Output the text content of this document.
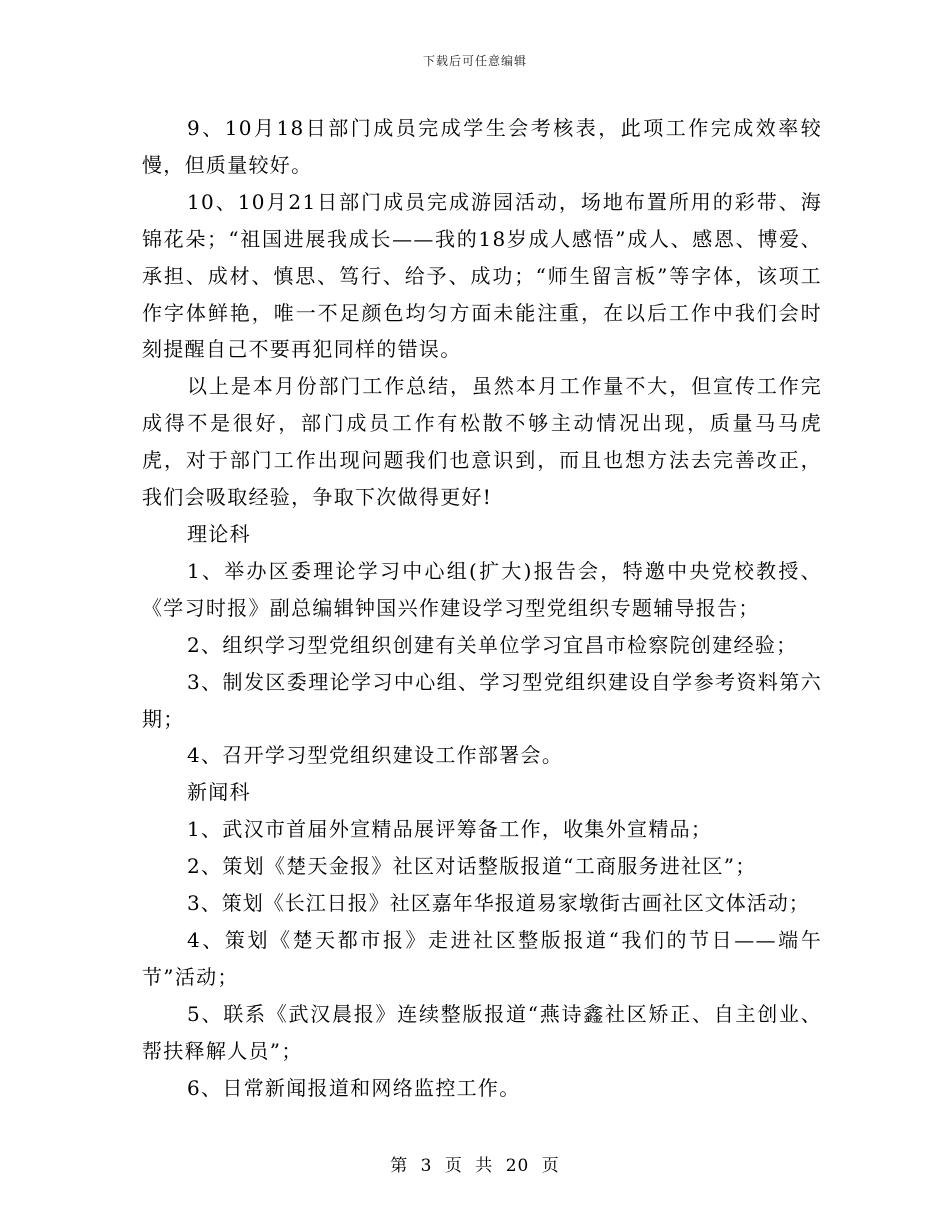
下载后可任意编辑

9、10月18日部门成员完成学生会考核表，此项工作完成效率较慢，但质量较好。

10、10月21日部门成员完成游园活动，场地布置所用的彩带、海锦花朵；“祖国进展我成长——我的18岁成人感悟”成人、感恩、博爱、承担、成材、慎思、笃行、给予、成功；“师生留言板”等字体，该项工作字体鲜艳，唯一不足颜色均匀方面未能注重，在以后工作中我们会时刻提醒自己不要再犯同样的错误。

以上是本月份部门工作总结，虽然本月工作量不大，但宣传工作完成得不是很好，部门成员工作有松散不够主动情况出现，质量马马虎虎，对于部门工作出现问题我们也意识到，而且也想方法去完善改正，我们会吸取经验，争取下次做得更好!

理论科

1、举办区委理论学习中心组(扩大)报告会，特邀中央党校教授、《学习时报》副总编辑钟国兴作建设学习型党组织专题辅导报告；

2、组织学习型党组织创建有关单位学习宜昌市检察院创建经验；

3、制发区委理论学习中心组、学习型党组织建设自学参考资料第六期；

4、召开学习型党组织建设工作部署会。

新闻科

1、武汉市首届外宣精品展评筹备工作，收集外宣精品；

2、策划《楚天金报》社区对话整版报道“工商服务进社区”；

3、策划《长江日报》社区嘉年华报道易家墩街古画社区文体活动；

4、策划《楚天都市报》走进社区整版报道“我们的节日——端午节”活动；

5、联系《武汉晨报》连续整版报道“燕诗鑫社区矫正、自主创业、帮扶释解人员”；

6、日常新闻报道和网络监控工作。

第 3 页 共 20 页
